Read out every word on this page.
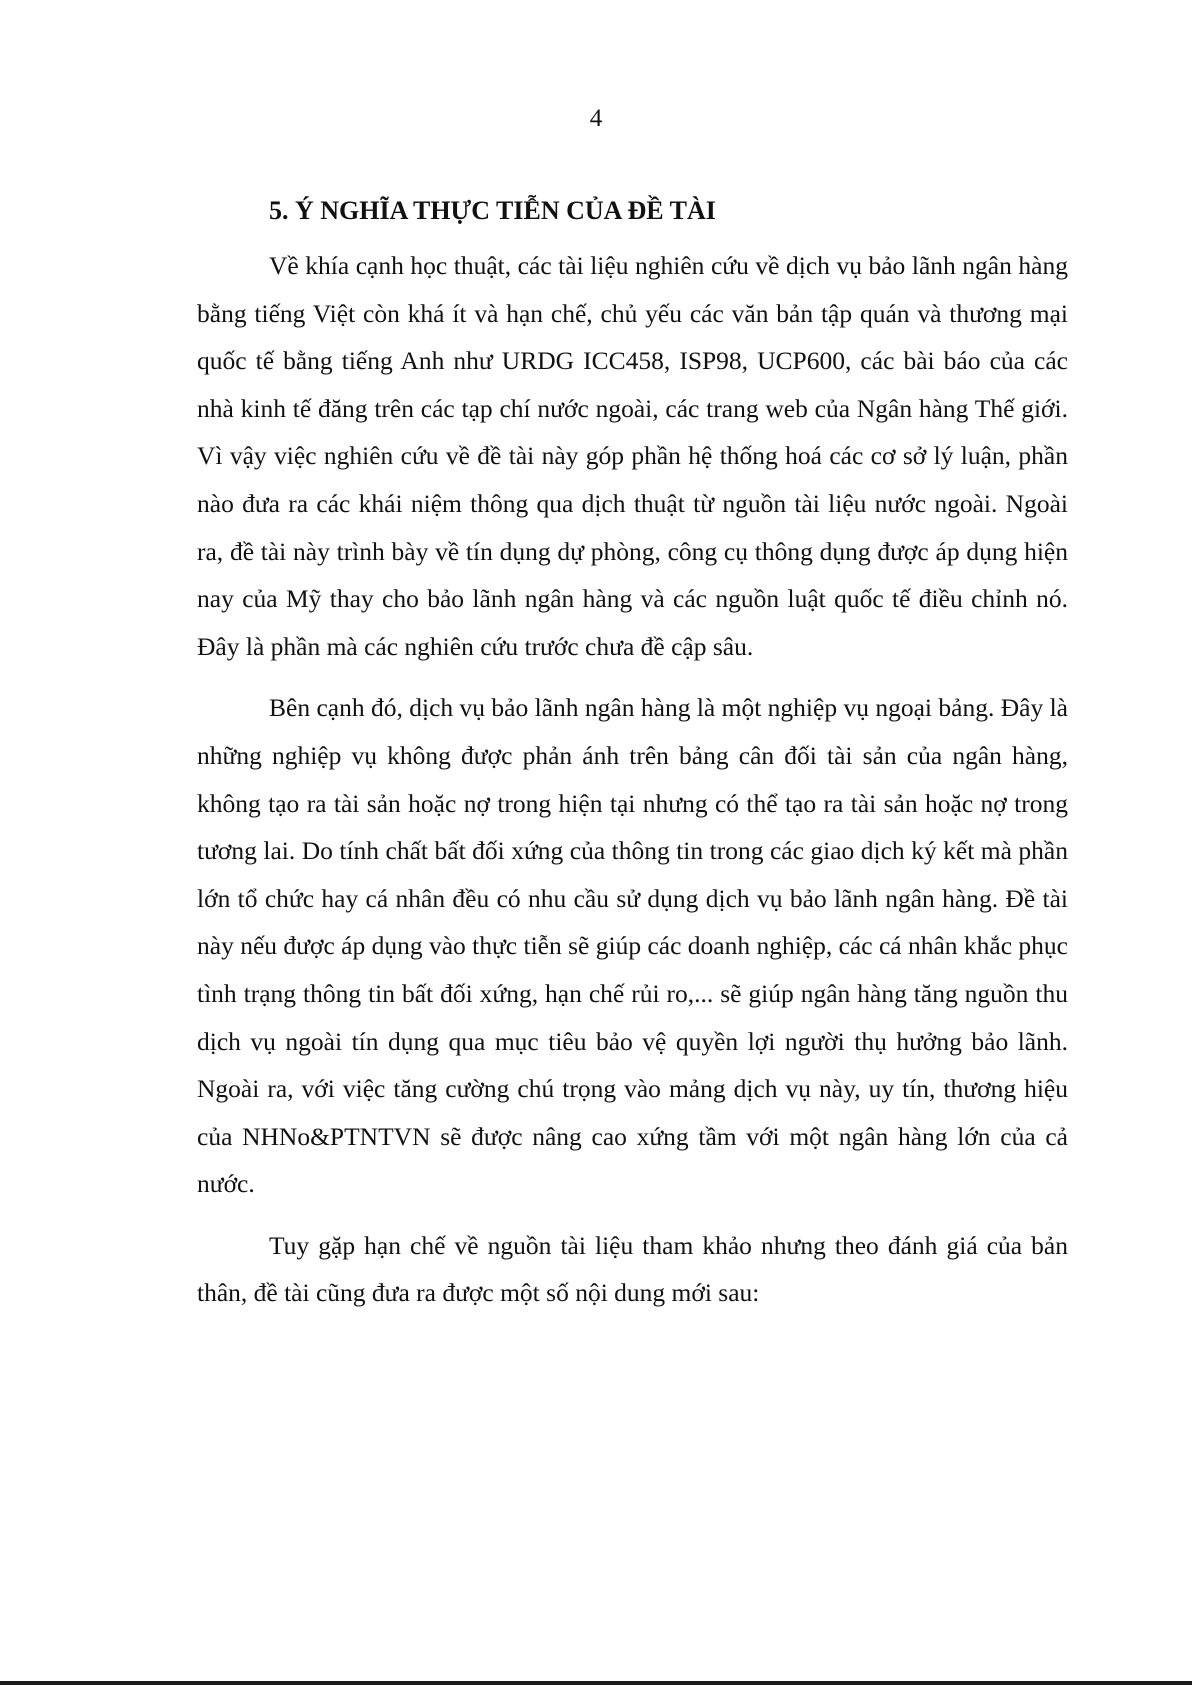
4
5. Ý NGHĨA THỰC TIỄN CỦA ĐỀ TÀI

Về khía cạnh học thuật, các tài liệu nghiên cứu về dịch vụ bảo lãnh ngân hàng bằng tiếng Việt còn khá ít và hạn chế, chủ yếu các văn bản tập quán và thương mại quốc tế bằng tiếng Anh như URDG ICC458, ISP98, UCP600, các bài báo của các nhà kinh tế đăng trên các tạp chí nước ngoài, các trang web của Ngân hàng Thế giới. Vì vậy việc nghiên cứu về đề tài này góp phần hệ thống hoá các cơ sở lý luận, phần nào đưa ra các khái niệm thông qua dịch thuật từ nguồn tài liệu nước ngoài. Ngoài ra, đề tài này trình bày về tín dụng dự phòng, công cụ thông dụng được áp dụng hiện nay của Mỹ thay cho bảo lãnh ngân hàng và các nguồn luật quốc tế điều chỉnh nó. Đây là phần mà các nghiên cứu trước chưa đề cập sâu.

Bên cạnh đó, dịch vụ bảo lãnh ngân hàng là một nghiệp vụ ngoại bảng. Đây là những nghiệp vụ không được phản ánh trên bảng cân đối tài sản của ngân hàng, không tạo ra tài sản hoặc nợ trong hiện tại nhưng có thể tạo ra tài sản hoặc nợ trong tương lai. Do tính chất bất đối xứng của thông tin trong các giao dịch ký kết mà phần lớn tổ chức hay cá nhân đều có nhu cầu sử dụng dịch vụ bảo lãnh ngân hàng. Đề tài này nếu được áp dụng vào thực tiễn sẽ giúp các doanh nghiệp, các cá nhân khắc phục tình trạng thông tin bất đối xứng, hạn chế rủi ro,... sẽ giúp ngân hàng tăng nguồn thu dịch vụ ngoài tín dụng qua mục tiêu bảo vệ quyền lợi người thụ hưởng bảo lãnh. Ngoài ra, với việc tăng cường chú trọng vào mảng dịch vụ này, uy tín, thương hiệu của NHNo&PTNTVN sẽ được nâng cao xứng tầm với một ngân hàng lớn của cả nước.

Tuy gặp hạn chế về nguồn tài liệu tham khảo nhưng theo đánh giá của bản thân, đề tài cũng đưa ra được một số nội dung mới sau:
